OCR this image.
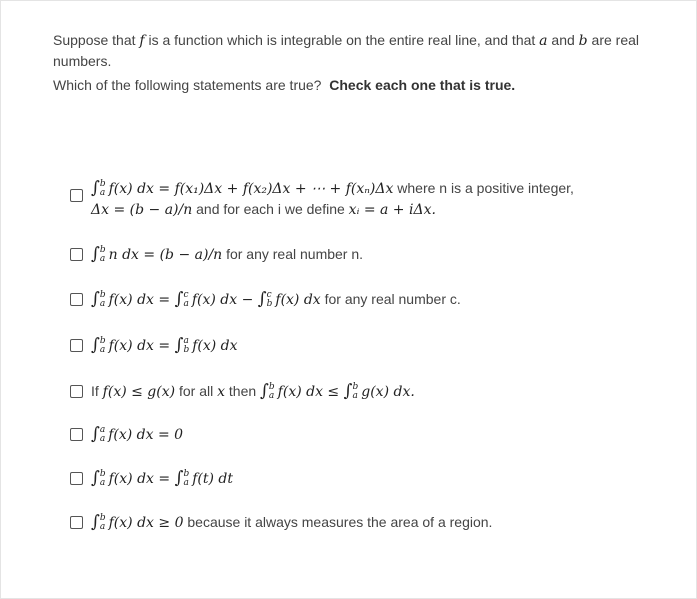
Suppose that f is a function which is integrable on the entire real line, and that a and b are real numbers.

Which of the following statements are true? Check each one that is true.

∫ b
a f(x) dx = f(x₁)Δx + f(x₂)Δx + ⋯ + f(xₙ)Δx where n is a positive integer,
Δx = (b − a)/n and for each i we define xᵢ = a + iΔx.
∫ b
a n dx = (b − a)/n for any real number n.
∫ b
a f(x) dx = ∫ c
a f(x) dx − ∫ c
b f(x) dx for any real number c.
∫ b
a f(x) dx = ∫ a
b f(x) dx
If f(x) ≤ g(x) for all x then ∫ b
a f(x) dx ≤ ∫ b
a g(x) dx.
∫ a
a f(x) dx = 0
∫ b
a f(x) dx = ∫ b
a f(t) dt
∫ b
a f(x) dx ≥ 0 because it always measures the area of a region.
